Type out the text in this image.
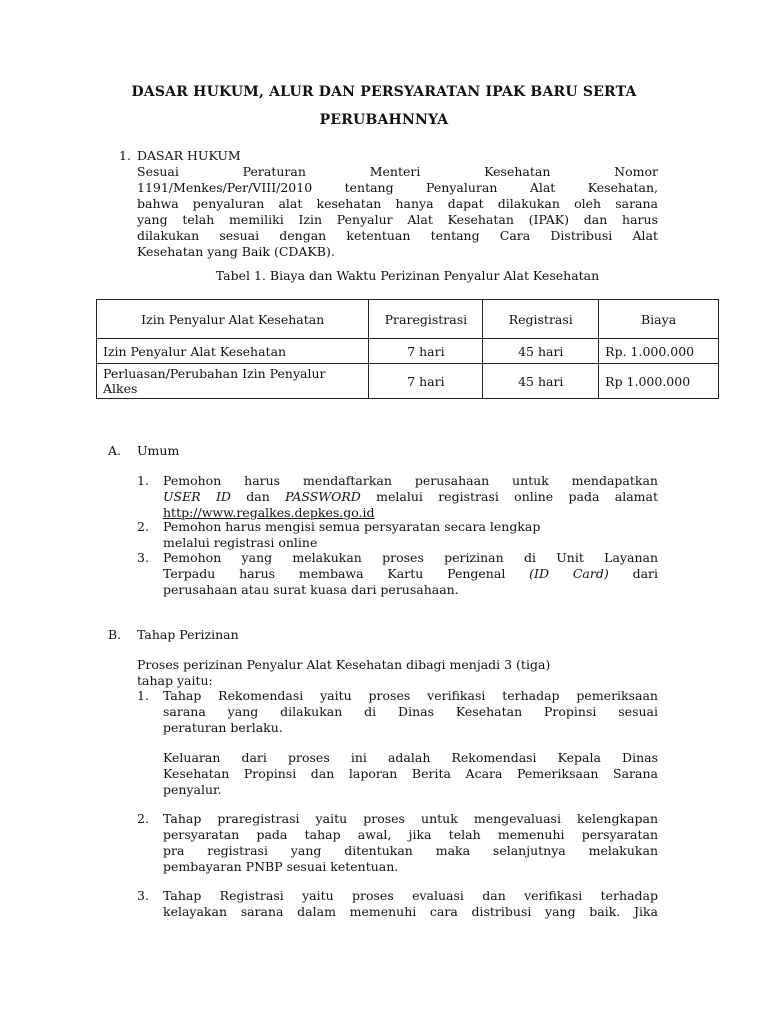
DASAR HUKUM, ALUR DAN PERSYARATAN IPAK BARU SERTA
PERUBAHNNYA
1. DASAR HUKUM
Sesuai Peraturan Menteri Kesehatan Nomor
1191/Menkes/Per/VIII/2010 tentang Penyaluran Alat Kesehatan,
bahwa penyaluran alat kesehatan hanya dapat dilakukan oleh sarana
yang telah memiliki Izin Penyalur Alat Kesehatan (IPAK) dan harus
dilakukan sesuai dengan ketentuan tentang Cara Distribusi Alat
Kesehatan yang Baik (CDAKB).
Tabel 1. Biaya dan Waktu Perizinan Penyalur Alat Kesehatan
Izin Penyalur Alat Kesehatan	Praregistrasi	Registrasi	Biaya
Izin Penyalur Alat Kesehatan	7 hari	45 hari	Rp. 1.000.000
Perluasan/Perubahan Izin Penyalur Alkes	7 hari	45 hari	Rp 1.000.000
A. Umum
1. Pemohon harus mendaftarkan perusahaan untuk mendapatkan
USER ID dan PASSWORD melalui registrasi online pada alamat
http://www.regalkes.depkes.go.id
2. Pemohon harus mengisi semua persyaratan secara lengkap
melalui registrasi online
3. Pemohon yang melakukan proses perizinan di Unit Layanan
Terpadu harus membawa Kartu Pengenal (ID Card) dari
perusahaan atau surat kuasa dari perusahaan.
B. Tahap Perizinan
Proses perizinan Penyalur Alat Kesehatan dibagi menjadi 3 (tiga)
tahap yaitu:
1. Tahap Rekomendasi yaitu proses verifikasi terhadap pemeriksaan
sarana yang dilakukan di Dinas Kesehatan Propinsi sesuai
peraturan berlaku.
Keluaran dari proses ini adalah Rekomendasi Kepala Dinas
Kesehatan Propinsi dan laporan Berita Acara Pemeriksaan Sarana
penyalur.
2. Tahap praregistrasi yaitu proses untuk mengevaluasi kelengkapan
persyaratan pada tahap awal, jika telah memenuhi persyaratan
pra registrasi yang ditentukan maka selanjutnya melakukan
pembayaran PNBP sesuai ketentuan.
3. Tahap Registrasi yaitu proses evaluasi dan verifikasi terhadap
kelayakan sarana dalam memenuhi cara distribusi yang baik. Jika
